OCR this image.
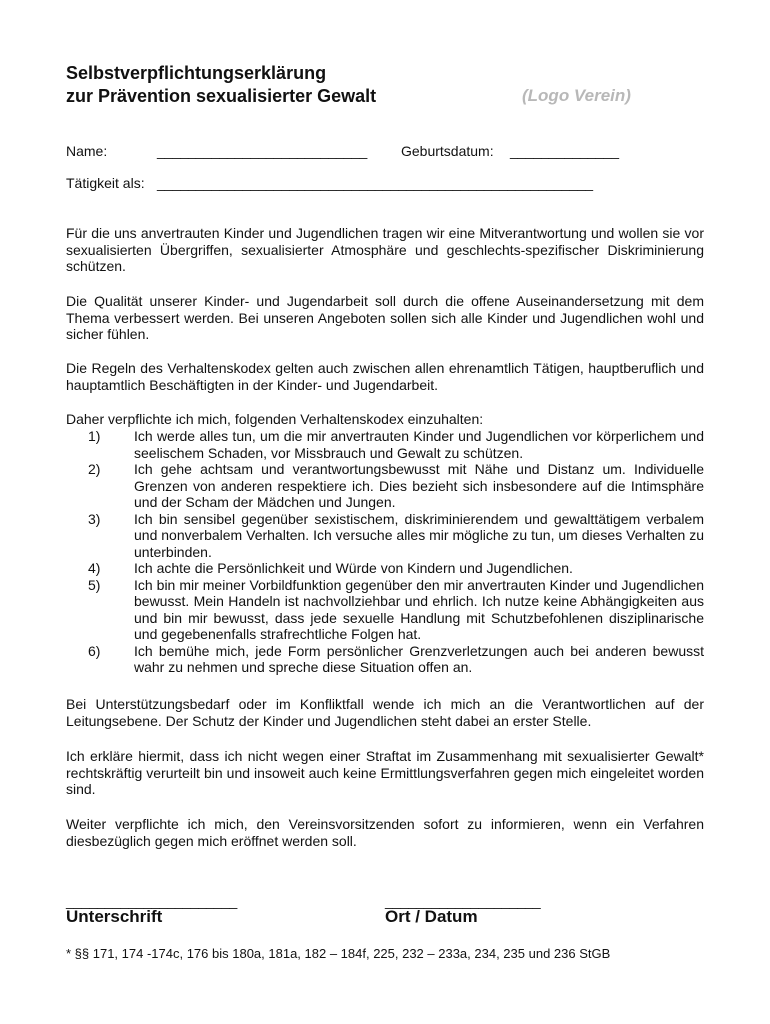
Selbstverpflichtungserklärung
zur Prävention sexualisierter Gewalt	(Logo Verein)
Name:	___________________________ Geburtsdatum: ______________
Tätigkeit als: ________________________________________________________

Für die uns anvertrauten Kinder und Jugendlichen tragen wir eine Mitverantwortung und wollen sie vor sexualisierten Übergriffen, sexualisierter Atmosphäre und geschlechts-spezifischer Diskriminierung schützen.

Die Qualität unserer Kinder- und Jugendarbeit soll durch die offene Auseinandersetzung mit dem Thema verbessert werden. Bei unseren Angeboten sollen sich alle Kinder und Jugendlichen wohl und sicher fühlen.

Die Regeln des Verhaltenskodex gelten auch zwischen allen ehrenamtlich Tätigen, hauptberuflich und hauptamtlich Beschäftigten in der Kinder- und Jugendarbeit.

Daher verpflichte ich mich, folgenden Verhaltenskodex einzuhalten:

1) Ich werde alles tun, um die mir anvertrauten Kinder und Jugendlichen vor körperlichem und seelischem Schaden, vor Missbrauch und Gewalt zu schützen.
2) Ich gehe achtsam und verantwortungsbewusst mit Nähe und Distanz um. Individuelle Grenzen von anderen respektiere ich. Dies bezieht sich insbesondere auf die Intimsphäre und der Scham der Mädchen und Jungen.
3) Ich bin sensibel gegenüber sexistischem, diskriminierendem und gewalttätigem verbalem und nonverbalem Verhalten. Ich versuche alles mir mögliche zu tun, um dieses Verhalten zu unterbinden.
4) Ich achte die Persönlichkeit und Würde von Kindern und Jugendlichen.
5) Ich bin mir meiner Vorbildfunktion gegenüber den mir anvertrauten Kinder und Jugendlichen bewusst. Mein Handeln ist nachvollziehbar und ehrlich. Ich nutze keine Abhängigkeiten aus und bin mir bewusst, dass jede sexuelle Handlung mit Schutzbefohlenen disziplinarische und gegebenenfalls strafrechtliche Folgen hat.
6) Ich bemühe mich, jede Form persönlicher Grenzverletzungen auch bei anderen bewusst wahr zu nehmen und spreche diese Situation offen an.

Bei Unterstützungsbedarf oder im Konfliktfall wende ich mich an die Verantwortlichen auf der Leitungsebene. Der Schutz der Kinder und Jugendlichen steht dabei an erster Stelle.

Ich erkläre hiermit, dass ich nicht wegen einer Straftat im Zusammenhang mit sexualisierter Gewalt* rechtskräftig verurteilt bin und insoweit auch keine Ermittlungsverfahren gegen mich eingeleitet worden sind.

Weiter verpflichte ich mich, den Vereinsvorsitzenden sofort zu informieren, wenn ein Verfahren diesbezüglich gegen mich eröffnet werden soll.

______________________	____________________
Unterschrift	Ort / Datum
* §§ 171, 174 -174c, 176 bis 180a, 181a, 182 – 184f, 225, 232 – 233a, 234, 235 und 236 StGB
